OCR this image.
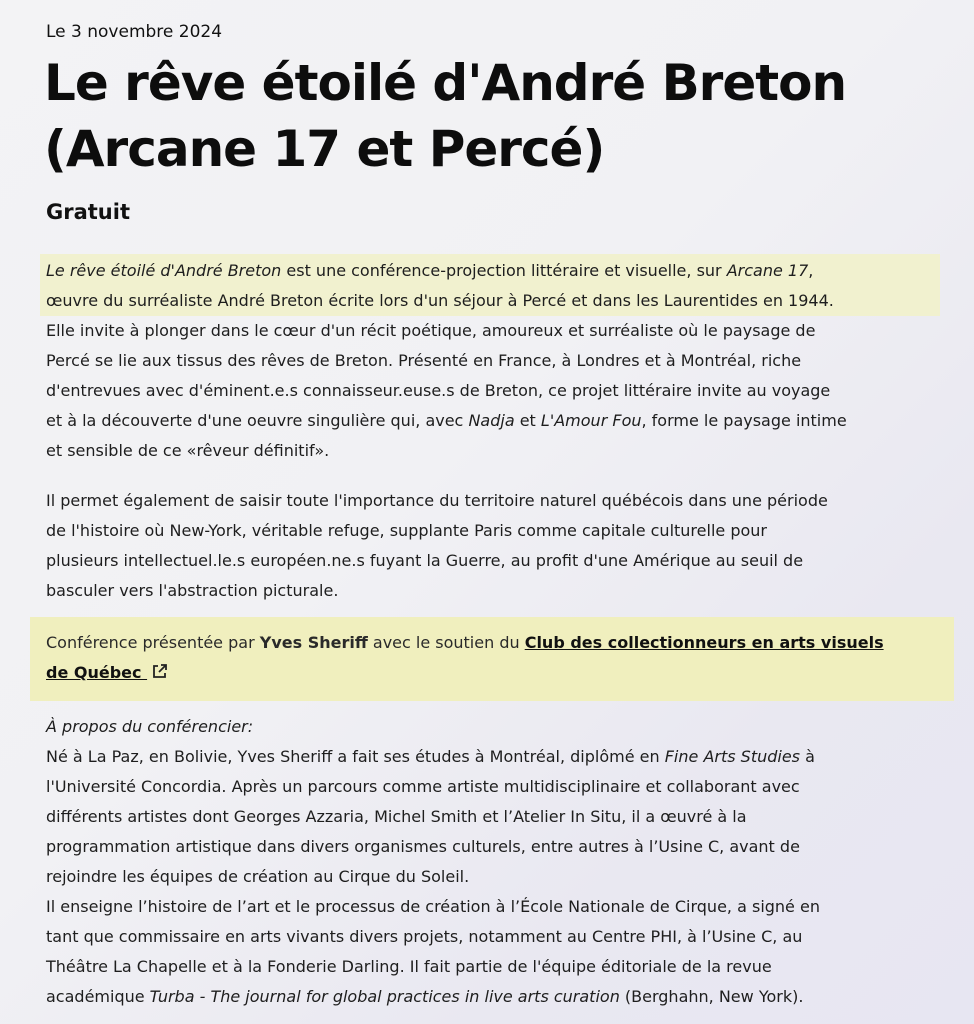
Le 3 novembre 2024
Le rêve étoilé d'André Breton
(Arcane 17 et Percé)
Gratuit

Le rêve étoilé d'André Breton est une conférence-projection littéraire et visuelle, sur Arcane 17,
œuvre du surréaliste André Breton écrite lors d'un séjour à Percé et dans les Laurentides en 1944.
Elle invite à plonger dans le cœur d'un récit poétique, amoureux et surréaliste où le paysage de
Percé se lie aux tissus des rêves de Breton. Présenté en France, à Londres et à Montréal, riche
d'entrevues avec d'éminent.e.s connaisseur.euse.s de Breton, ce projet littéraire invite au voyage
et à la découverte d'une oeuvre singulière qui, avec Nadja et L'Amour Fou, forme le paysage intime
et sensible de ce «rêveur définitif».

Il permet également de saisir toute l'importance du territoire naturel québécois dans une période
de l'histoire où New-York, véritable refuge, supplante Paris comme capitale culturelle pour
plusieurs intellectuel.le.s européen.ne.s fuyant la Guerre, au profit d'une Amérique au seuil de
basculer vers l'abstraction picturale.

Conférence présentée par Yves Sheriff avec le soutien du Club des collectionneurs en arts visuels
de Québec

À propos du conférencier:
Né à La Paz, en Bolivie, Yves Sheriff a fait ses études à Montréal, diplômé en Fine Arts Studies à
l'Université Concordia. Après un parcours comme artiste multidisciplinaire et collaborant avec
différents artistes dont Georges Azzaria, Michel Smith et l’Atelier In Situ, il a œuvré à la
programmation artistique dans divers organismes culturels, entre autres à l’Usine C, avant de
rejoindre les équipes de création au Cirque du Soleil.
Il enseigne l’histoire de l’art et le processus de création à l’École Nationale de Cirque, a signé en
tant que commissaire en arts vivants divers projets, notamment au Centre PHI, à l’Usine C, au
Théâtre La Chapelle et à la Fonderie Darling. Il fait partie de l'équipe éditoriale de la revue
académique Turba - The journal for global practices in live arts curation (Berghahn, New York).
